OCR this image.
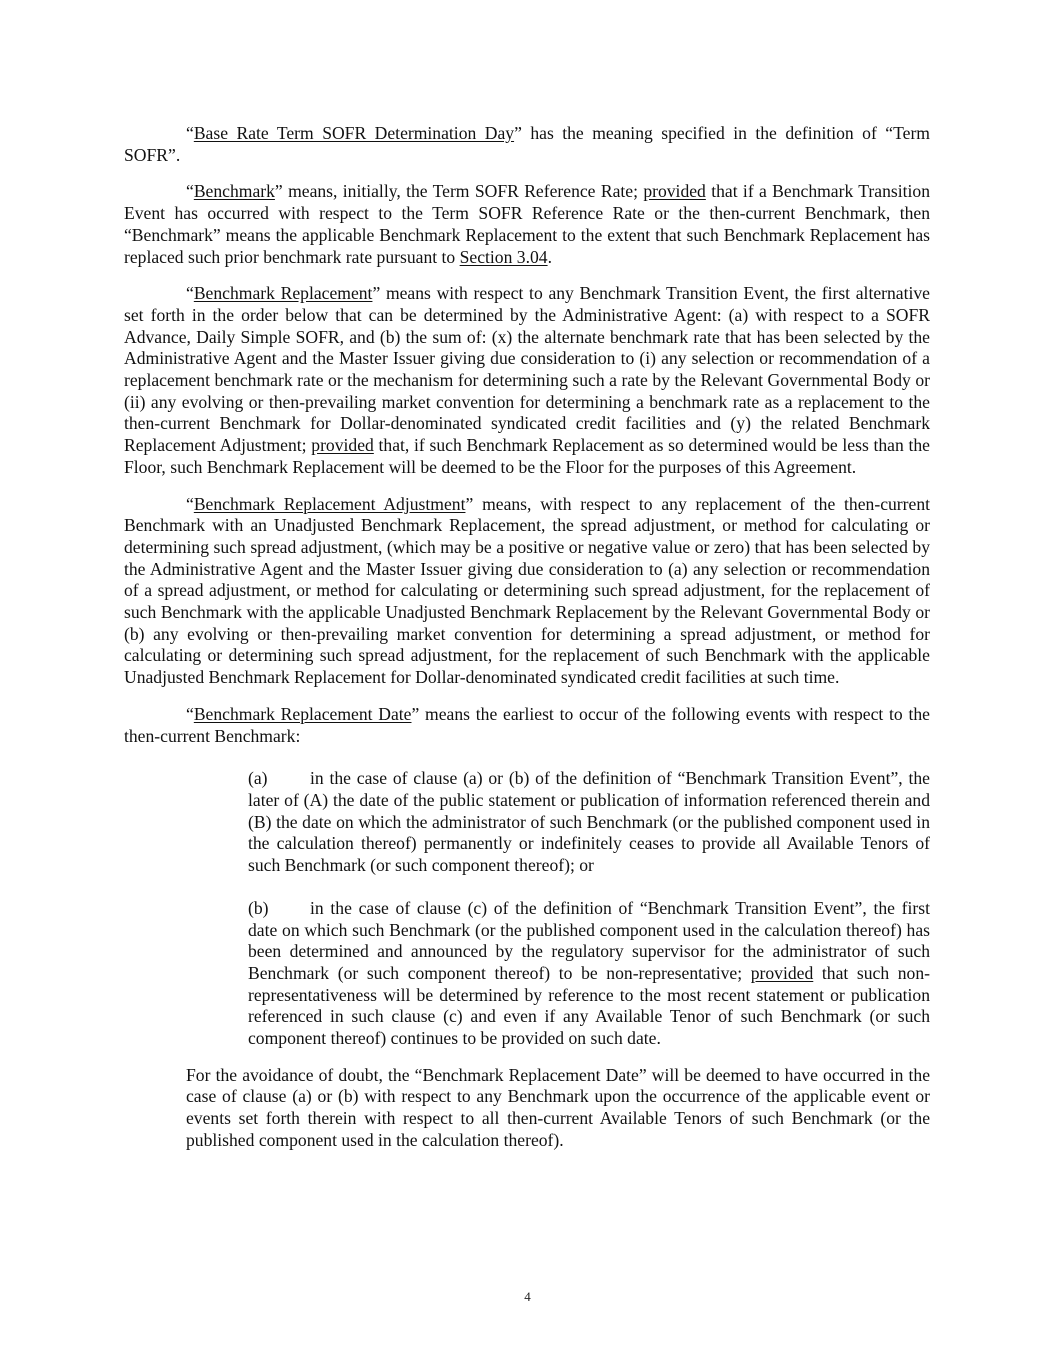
“Base Rate Term SOFR Determination Day” has the meaning specified in the definition of “Term SOFR”.

“Benchmark” means, initially, the Term SOFR Reference Rate; provided that if a Benchmark Transition Event has occurred with respect to the Term SOFR Reference Rate or the then-current Benchmark, then “Benchmark” means the applicable Benchmark Replacement to the extent that such Benchmark Replacement has replaced such prior benchmark rate pursuant to Section 3.04.

“Benchmark Replacement” means with respect to any Benchmark Transition Event, the first alternative set forth in the order below that can be determined by the Administrative Agent: (a) with respect to a SOFR Advance, Daily Simple SOFR, and (b) the sum of: (x) the alternate benchmark rate that has been selected by the Administrative Agent and the Master Issuer giving due consideration to (i) any selection or recommendation of a replacement benchmark rate or the mechanism for determining such a rate by the Relevant Governmental Body or (ii) any evolving or then-prevailing market convention for determining a benchmark rate as a replacement to the then-current Benchmark for Dollar-denominated syndicated credit facilities and (y) the related Benchmark Replacement Adjustment; provided that, if such Benchmark Replacement as so determined would be less than the Floor, such Benchmark Replacement will be deemed to be the Floor for the purposes of this Agreement.

“Benchmark Replacement Adjustment” means, with respect to any replacement of the then-current Benchmark with an Unadjusted Benchmark Replacement, the spread adjustment, or method for calculating or determining such spread adjustment, (which may be a positive or negative value or zero) that has been selected by the Administrative Agent and the Master Issuer giving due consideration to (a) any selection or recommendation of a spread adjustment, or method for calculating or determining such spread adjustment, for the replacement of such Benchmark with the applicable Unadjusted Benchmark Replacement by the Relevant Governmental Body or (b) any evolving or then-prevailing market convention for determining a spread adjustment, or method for calculating or determining such spread adjustment, for the replacement of such Benchmark with the applicable Unadjusted Benchmark Replacement for Dollar-denominated syndicated credit facilities at such time.

“Benchmark Replacement Date” means the earliest to occur of the following events with respect to the then-current Benchmark:

(a) in the case of clause (a) or (b) of the definition of “Benchmark Transition Event”, the later of (A) the date of the public statement or publication of information referenced therein and (B) the date on which the administrator of such Benchmark (or the published component used in the calculation thereof) permanently or indefinitely ceases to provide all Available Tenors of such Benchmark (or such component thereof); or

(b) in the case of clause (c) of the definition of “Benchmark Transition Event”, the first date on which such Benchmark (or the published component used in the calculation thereof) has been determined and announced by the regulatory supervisor for the administrator of such Benchmark (or such component thereof) to be non-representative; provided that such non-representativeness will be determined by reference to the most recent statement or publication referenced in such clause (c) and even if any Available Tenor of such Benchmark (or such component thereof) continues to be provided on such date.

For the avoidance of doubt, the “Benchmark Replacement Date” will be deemed to have occurred in the case of clause (a) or (b) with respect to any Benchmark upon the occurrence of the applicable event or events set forth therein with respect to all then-current Available Tenors of such Benchmark (or the published component used in the calculation thereof).

4
